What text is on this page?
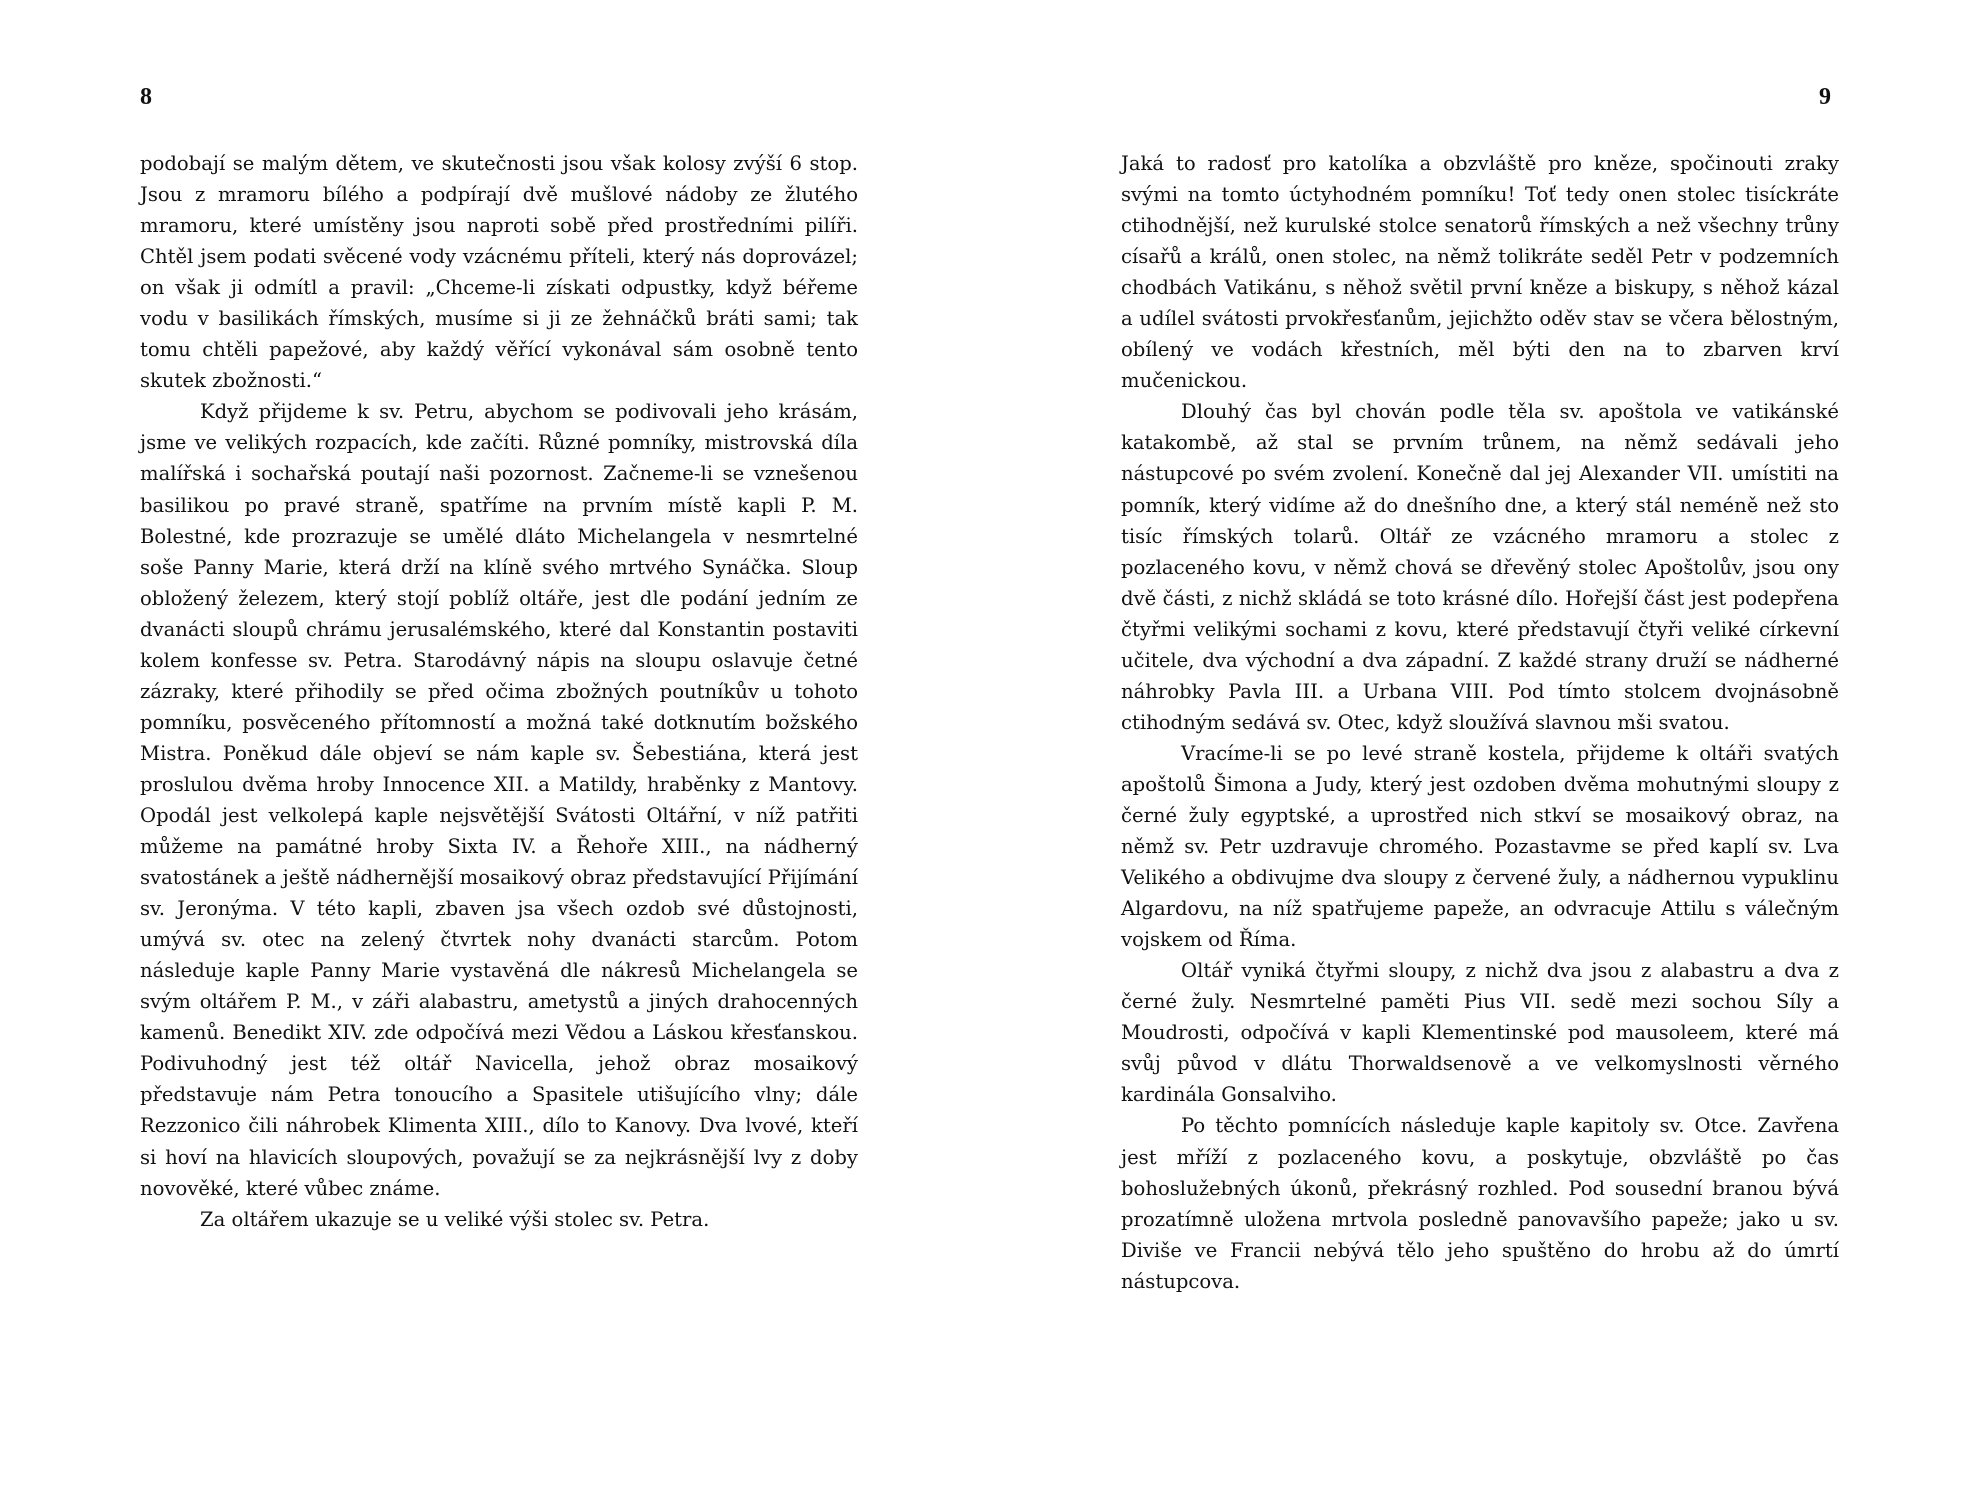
8

podobají se malým dětem, ve skutečnosti jsou však kolosy zvýší 6 stop. Jsou z mramoru bílého a podpírají dvě mušlové nádoby ze žlutého mramoru, které umístěny jsou naproti sobě před prostředními pilíři. Chtěl jsem podati svěcené vody vzácnému příteli, který nás doprovázel; on však ji odmítl a pravil: „Chceme-li získati odpustky, když béřeme vodu v basilikách římských, musíme si ji ze žehnáčků bráti sami; tak tomu chtěli papežové, aby každý věřící vykonával sám osobně tento skutek zbožnosti.“

Když přijdeme k sv. Petru, abychom se podivovali jeho krásám, jsme ve velikých rozpacích, kde začíti. Různé pomníky, mistrovská díla malířská i sochařská poutají naši pozornost. Začneme-li se vznešenou basilikou po pravé straně, spatříme na prvním místě kapli P. M. Bolestné, kde prozrazuje se umělé dláto Michelangela v nesmrtelné soše Panny Marie, která drží na klíně svého mrtvého Synáčka. Sloup obložený železem, který stojí poblíž oltáře, jest dle podání jedním ze dvanácti sloupů chrámu jerusalémského, které dal Konstantin postaviti kolem konfesse sv. Petra. Starodávný nápis na sloupu oslavuje četné zázraky, které přihodily se před očima zbožných poutníkův u tohoto pomníku, posvěceného přítomností a možná také dotknutím božského Mistra. Poněkud dále objeví se nám kaple sv. Šebestiána, která jest proslulou dvěma hroby Innocence XII. a Matildy, hraběnky z Mantovy. Opodál jest velkolepá kaple nejsvětější Svátosti Oltářní, v níž patřiti můžeme na památné hroby Sixta IV. a Řehoře XIII., na nádherný svatostánek a ještě nádhernější mosaikový obraz představující Přijímání sv. Jeronýma. V této kapli, zbaven jsa všech ozdob své důstojnosti, umývá sv. otec na zelený čtvrtek nohy dvanácti starcům. Potom následuje kaple Panny Marie vystavěná dle nákresů Michelangela se svým oltářem P. M., v záři alabastru, ametystů a jiných drahocenných kamenů. Benedikt XIV. zde odpočívá mezi Vědou a Láskou křesťanskou. Podivuhodný jest též oltář Navicella, jehož obraz mosaikový představuje nám Petra tonoucího a Spasitele utišujícího vlny; dále Rezzonico čili náhrobek Klimenta XIII., dílo to Kanovy. Dva lvové, kteří si hoví na hlavicích sloupových, považují se za nejkrásnější lvy z doby novověké, které vůbec známe.

Za oltářem ukazuje se u veliké výši stolec sv. Petra.

9

Jaká to radosť pro katolíka a obzvláště pro kněze, spočinouti zraky svými na tomto úctyhodném pomníku! Toť tedy onen stolec tisíckráte ctihodnější, než kurulské stolce senatorů římských a než všechny trůny císařů a králů, onen stolec, na němž tolikráte seděl Petr v podzemních chodbách Vatikánu, s něhož světil první kněze a biskupy, s něhož kázal a udílel svátosti prvokřesťanům, jejichžto oděv stav se včera bělostným, obílený ve vodách křestních, měl býti den na to zbarven krví mučenickou.

Dlouhý čas byl chován podle těla sv. apoštola ve vatikánské katakombě, až stal se prvním trůnem, na němž sedávali jeho nástupcové po svém zvolení. Konečně dal jej Alexander VII. umístiti na pomník, který vidíme až do dnešního dne, a který stál neméně než sto tisíc římských tolarů. Oltář ze vzácného mramoru a stolec z pozlaceného kovu, v němž chová se dřevěný stolec Apoštolův, jsou ony dvě části, z nichž skládá se toto krásné dílo. Hořejší část jest podepřena čtyřmi velikými sochami z kovu, které představují čtyři veliké církevní učitele, dva východní a dva západní. Z každé strany druží se nádherné náhrobky Pavla III. a Urbana VIII. Pod tímto stolcem dvojnásobně ctihodným sedává sv. Otec, když sloužívá slavnou mši svatou.

Vracíme-li se po levé straně kostela, přijdeme k oltáři svatých apoštolů Šimona a Judy, který jest ozdoben dvěma mohutnými sloupy z černé žuly egyptské, a uprostřed nich stkví se mosaikový obraz, na němž sv. Petr uzdravuje chromého. Pozastavme se před kaplí sv. Lva Velikého a obdivujme dva sloupy z červené žuly, a nádhernou vypuklinu Algardovu, na níž spatřujeme papeže, an odvracuje Attilu s válečným vojskem od Říma.

Oltář vyniká čtyřmi sloupy, z nichž dva jsou z alabastru a dva z černé žuly. Nesmrtelné paměti Pius VII. sedě mezi sochou Síly a Moudrosti, odpočívá v kapli Klementinské pod mausoleem, které má svůj původ v dlátu Thorwaldsenově a ve velkomyslnosti věrného kardinála Gonsalviho.

Po těchto pomnících následuje kaple kapitoly sv. Otce. Zavřena jest mříží z pozlaceného kovu, a poskytuje, obzvláště po čas bohoslužebných úkonů, překrásný rozhled. Pod sousední branou bývá prozatímně uložena mrtvola posledně panovavšího papeže; jako u sv. Diviše ve Francii nebývá tělo jeho spuštěno do hrobu až do úmrtí nástupcova.
